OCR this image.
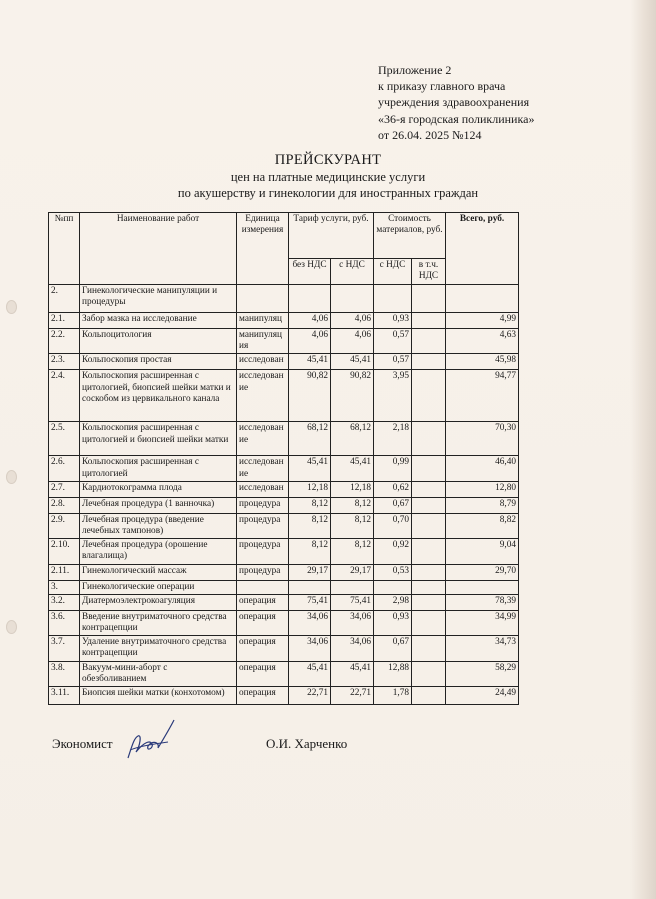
Приложение 2
к приказу главного врача
учреждения здравоохранения
«36-я городская поликлиника»
от 26.04. 2025 №124
ПРЕЙСКУРАНТ
цен на платные медицинские услуги
по акушерству и гинекологии для иностранных граждан
№пп	Наименование работ	Единица измерения	Тариф услуги, руб.		Стоимость материалов, руб.		Всего, руб.
			без НДС	с НДС	с НДС	в т.ч. НДС	
2.	Гинекологические манипуляции и процедуры						
2.1.	Забор мазка на исследование	манипуляц	4,06	4,06	0,93		4,99
2.2.	Кольпоцитология	манипуляц ия	4,06	4,06	0,57		4,63
2.3.	Кольпоскопия простая	исследован	45,41	45,41	0,57		45,98
2.4.	Кольпоскопия расширенная с цитологией, биопсией шейки матки и соскобом из цервикального канала	исследован ие	90,82	90,82	3,95		94,77
2.5.	Кольпоскопия расширенная с цитологией и биопсией шейки матки	исследован ие	68,12	68,12	2,18		70,30
2.6.	Кольпоскопия расширенная с цитологией	исследован ие	45,41	45,41	0,99		46,40
2.7.	Кардиотокограмма плода	исследован	12,18	12,18	0,62		12,80
2.8.	Лечебная процедура (1 ванночка)	процедура	8,12	8,12	0,67		8,79
2.9.	Лечебная процедура (введение лечебных тампонов)	процедура	8,12	8,12	0,70		8,82
2.10.	Лечебная процедура (орошение влагалища)	процедура	8,12	8,12	0,92		9,04
2.11.	Гинекологический массаж	процедура	29,17	29,17	0,53		29,70
3.	Гинекологические операции						
3.2.	Диатермоэлектрокоагуляция	операция	75,41	75,41	2,98		78,39
3.6.	Введение внутриматочного средства контрацепции	операция	34,06	34,06	0,93		34,99
3.7.	Удаление внутриматочного средства контрацепции	операция	34,06	34,06	0,67		34,73
3.8.	Вакуум-мини-аборт с обезболиванием	операция	45,41	45,41	12,88		58,29
3.11.	Биопсия шейки матки (конхотомом)	операция	22,71	22,71	1,78		24,49
Экономист	О.И. Харченко
